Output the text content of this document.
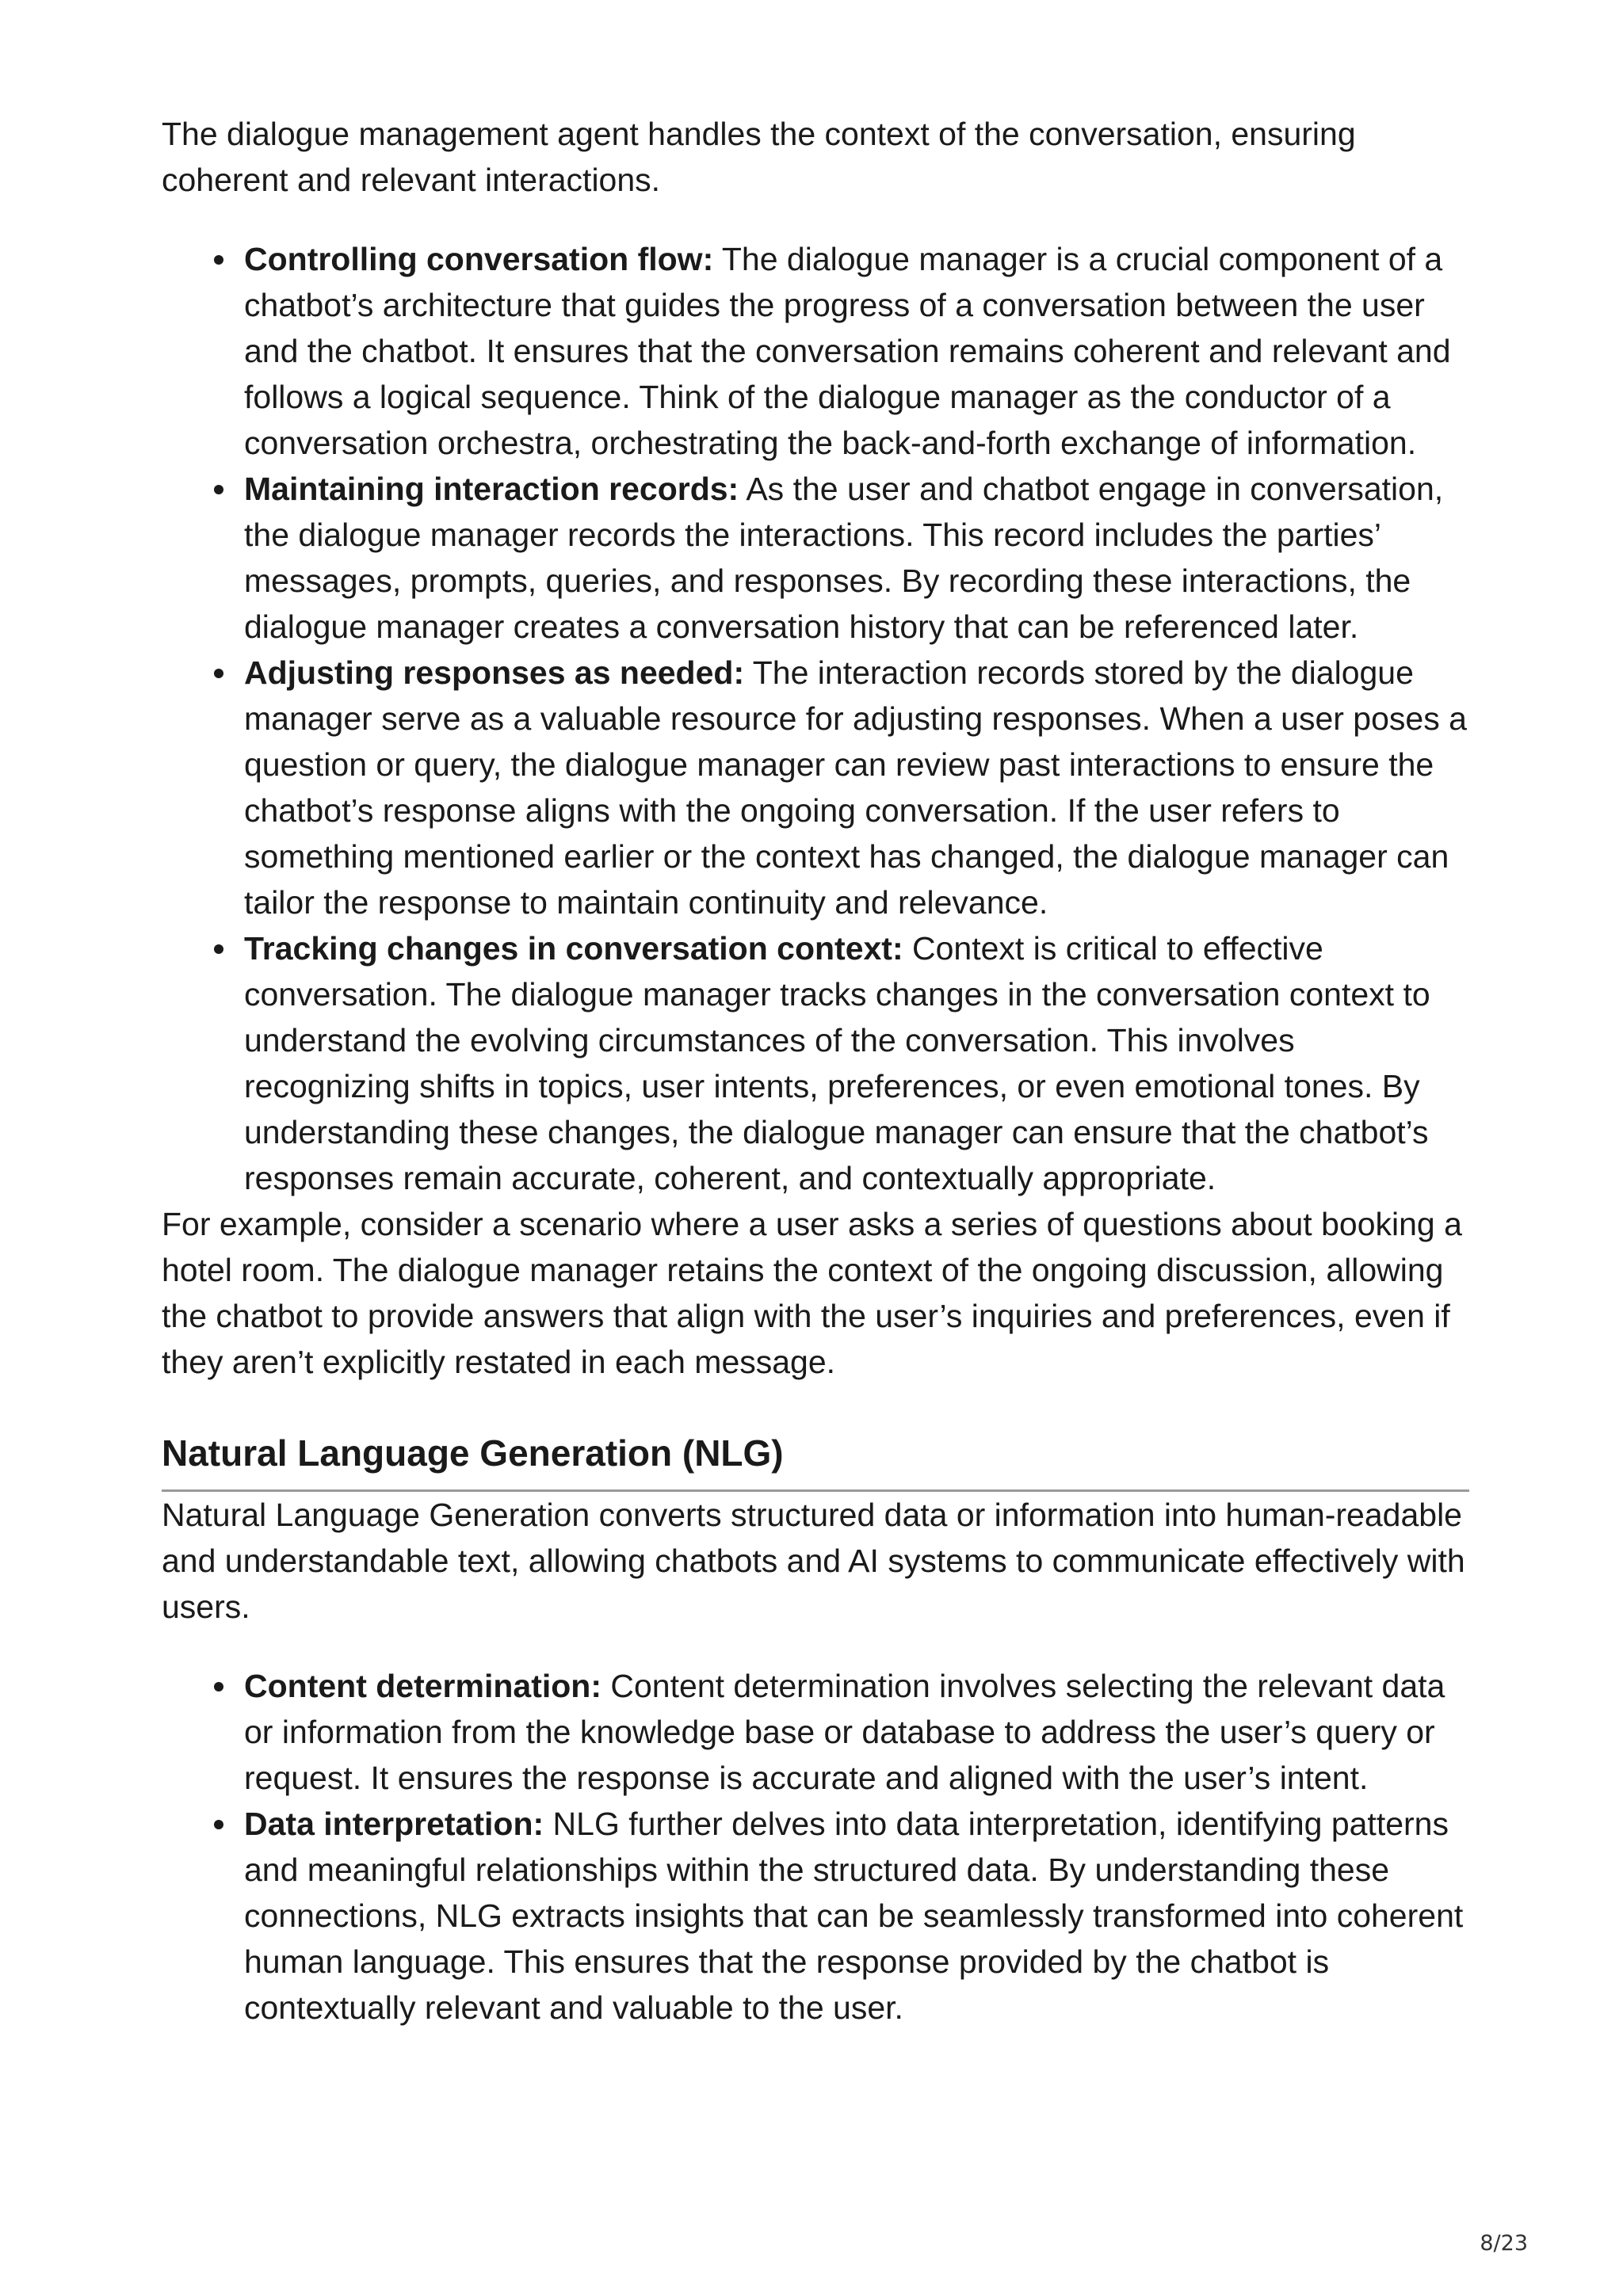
The dialogue management agent handles the context of the conversation, ensuring coherent and relevant interactions.

Controlling conversation flow: The dialogue manager is a crucial component of a chatbot’s architecture that guides the progress of a conversation between the user and the chatbot. It ensures that the conversation remains coherent and relevant and follows a logical sequence. Think of the dialogue manager as the conductor of a conversation orchestra, orchestrating the back-and-forth exchange of information.
Maintaining interaction records: As the user and chatbot engage in conversation, the dialogue manager records the interactions. This record includes the parties’ messages, prompts, queries, and responses. By recording these interactions, the dialogue manager creates a conversation history that can be referenced later.
Adjusting responses as needed: The interaction records stored by the dialogue manager serve as a valuable resource for adjusting responses. When a user poses a question or query, the dialogue manager can review past interactions to ensure the chatbot’s response aligns with the ongoing conversation. If the user refers to something mentioned earlier or the context has changed, the dialogue manager can tailor the response to maintain continuity and relevance.
Tracking changes in conversation context: Context is critical to effective conversation. The dialogue manager tracks changes in the conversation context to understand the evolving circumstances of the conversation. This involves recognizing shifts in topics, user intents, preferences, or even emotional tones. By understanding these changes, the dialogue manager can ensure that the chatbot’s responses remain accurate, coherent, and contextually appropriate.

For example, consider a scenario where a user asks a series of questions about booking a hotel room. The dialogue manager retains the context of the ongoing discussion, allowing the chatbot to provide answers that align with the user’s inquiries and preferences, even if they aren’t explicitly restated in each message.

Natural Language Generation (NLG)

Natural Language Generation converts structured data or information into human-readable and understandable text, allowing chatbots and AI systems to communicate effectively with users.

Content determination: Content determination involves selecting the relevant data or information from the knowledge base or database to address the user’s query or request. It ensures the response is accurate and aligned with the user’s intent.
Data interpretation: NLG further delves into data interpretation, identifying patterns and meaningful relationships within the structured data. By understanding these connections, NLG extracts insights that can be seamlessly transformed into coherent human language. This ensures that the response provided by the chatbot is contextually relevant and valuable to the user.
8/23
